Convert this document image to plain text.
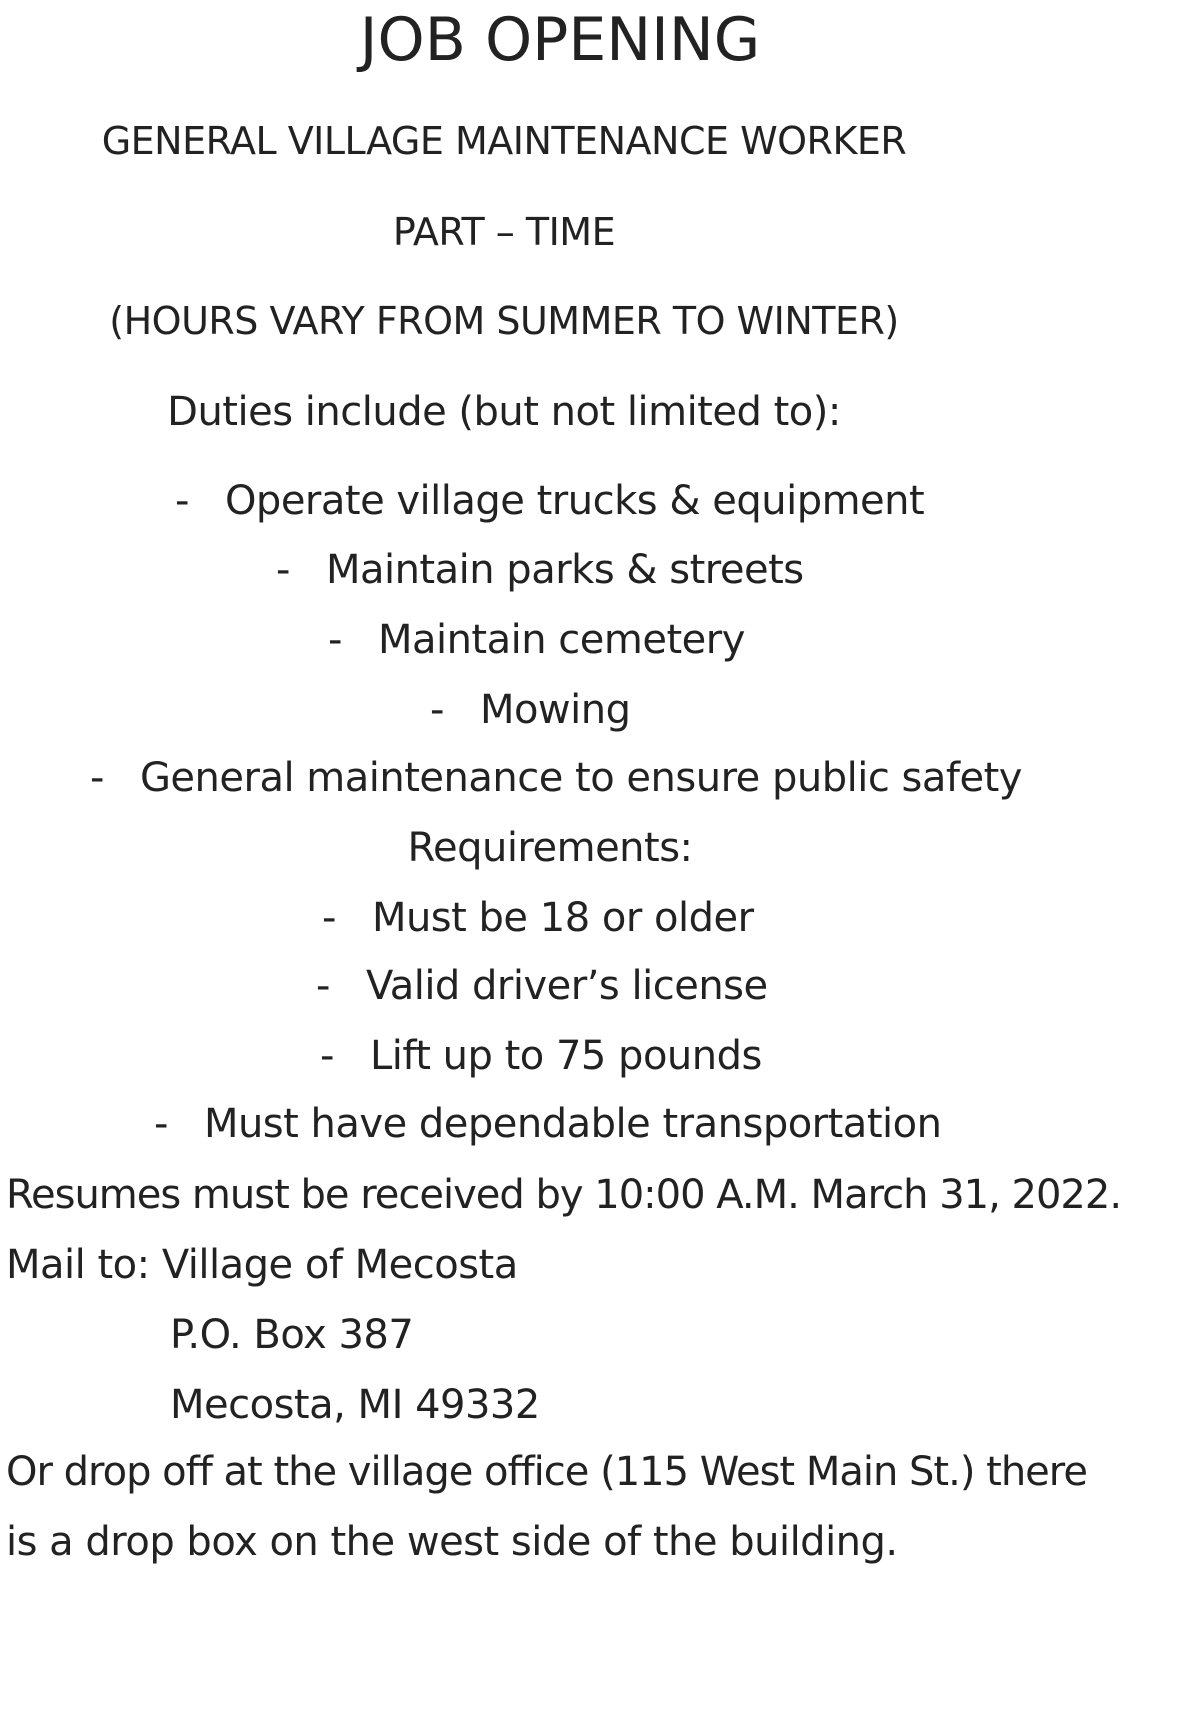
JOB OPENING
GENERAL VILLAGE MAINTENANCE WORKER
PART – TIME
(HOURS VARY FROM SUMMER TO WINTER)
Duties include (but not limited to):
- Operate village trucks & equipment
- Maintain parks & streets
- Maintain cemetery
- Mowing
- General maintenance to ensure public safety
Requirements:
- Must be 18 or older
- Valid driver’s license
- Lift up to 75 pounds
- Must have dependable transportation
Resumes must be received by 10:00 A.M. March 31, 2022.
Mail to: Village of Mecosta
P.O. Box 387
Mecosta, MI 49332
Or drop off at the village office (115 West Main St.) there
is a drop box on the west side of the building.
